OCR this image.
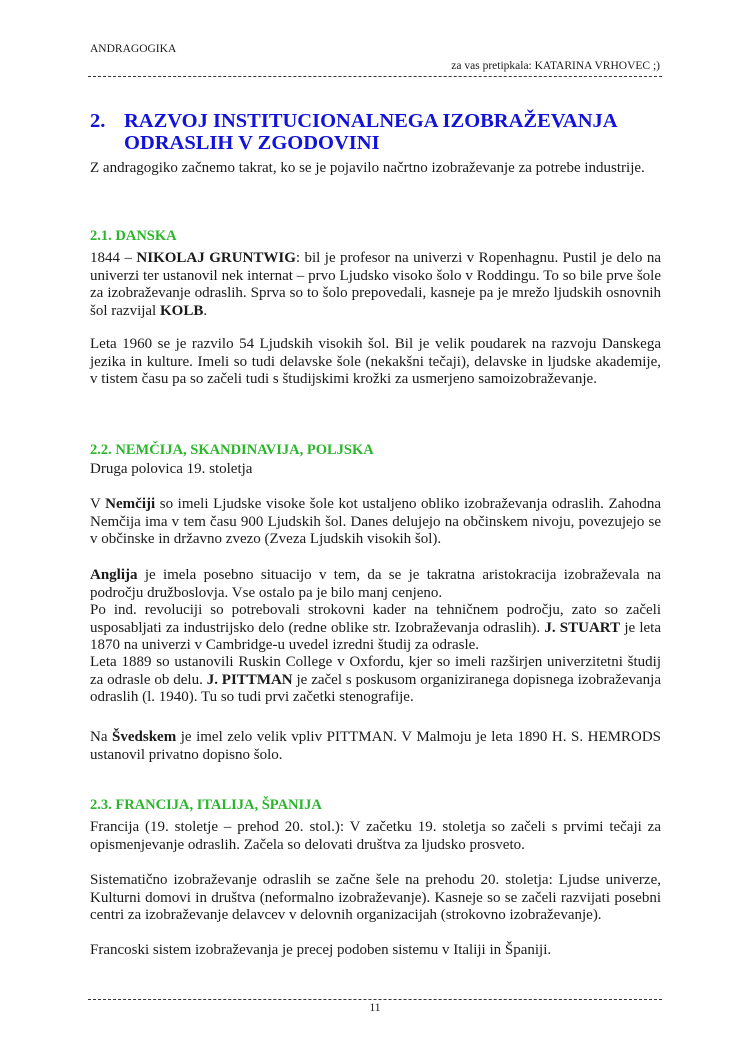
ANDRAGOGIKA
za vas pretipkala: KATARINA VRHOVEC ;)
2. RAZVOJ INSTITUCIONALNEGA IZOBRAŽEVANJA ODRASLIH V ZGODOVINI
Z andragogiko začnemo takrat, ko se je pojavilo načrtno izobraževanje za potrebe industrije.
2.1. DANSKA
1844 – NIKOLAJ GRUNTWIG: bil je profesor na univerzi v Ropenhagnu. Pustil je delo na univerzi ter ustanovil nek internat – prvo Ljudsko visoko šolo v Roddingu. To so bile prve šole za izobraževanje odraslih. Sprva so to šolo prepovedali, kasneje pa je mrežo ljudskih osnovnih šol razvijal KOLB.
Leta 1960 se je razvilo 54 Ljudskih visokih šol. Bil je velik poudarek na razvoju Danskega jezika in kulture. Imeli so tudi delavske šole (nekakšni tečaji), delavske in ljudske akademije, v tistem času pa so začeli tudi s študijskimi krožki za usmerjeno samoizobraževanje.
2.2. NEMČIJA, SKANDINAVIJA, POLJSKA
Druga polovica 19. stoletja
V Nemčiji so imeli Ljudske visoke šole kot ustaljeno obliko izobraževanja odraslih. Zahodna Nemčija ima v tem času 900 Ljudskih šol. Danes delujejo na občinskem nivoju, povezujejo se v občinske in državno zvezo (Zveza Ljudskih visokih šol).
Anglija je imela posebno situacijo v tem, da se je takratna aristokracija izobraževala na področju družboslovja. Vse ostalo pa je bilo manj cenjeno.
Po ind. revoluciji so potrebovali strokovni kader na tehničnem področju, zato so začeli usposabljati za industrijsko delo (redne oblike str. Izobraževanja odraslih). J. STUART je leta 1870 na univerzi v Cambridge-u uvedel izredni študij za odrasle.
Leta 1889 so ustanovili Ruskin College v Oxfordu, kjer so imeli razširjen univerzitetni študij za odrasle ob delu. J. PITTMAN je začel s poskusom organiziranega dopisnega izobraževanja odraslih (l. 1940). Tu so tudi prvi začetki stenografije.
Na Švedskem je imel zelo velik vpliv PITTMAN. V Malmoju je leta 1890 H. S. HEMRODS ustanovil privatno dopisno šolo.
2.3. FRANCIJA, ITALIJA, ŠPANIJA
Francija (19. stoletje – prehod 20. stol.): V začetku 19. stoletja so začeli s prvimi tečaji za opismenjevanje odraslih. Začela so delovati društva za ljudsko prosveto.
Sistematično izobraževanje odraslih se začne šele na prehodu 20. stoletja: Ljudse univerze, Kulturni domovi in društva (neformalno izobraževanje). Kasneje so se začeli razvijati posebni centri za izobraževanje delavcev v delovnih organizacijah (strokovno izobraževanje).
Francoski sistem izobraževanja je precej podoben sistemu v Italiji in Španiji.
11
